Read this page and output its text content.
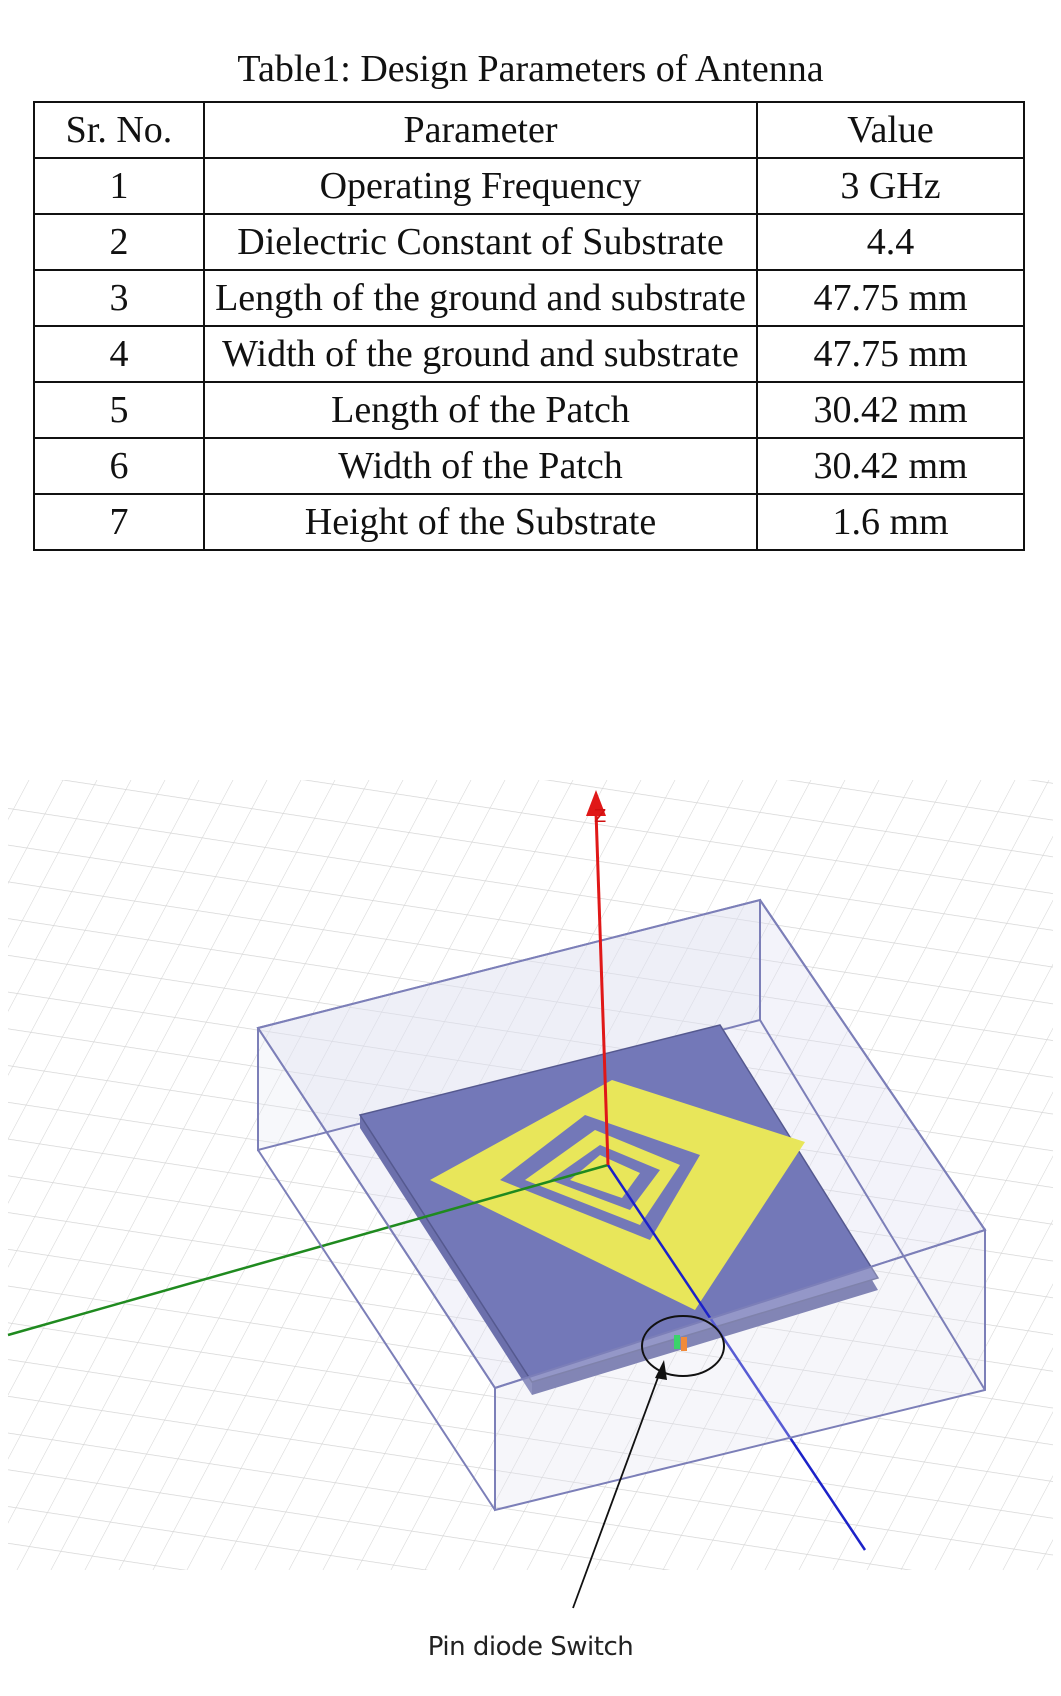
Table1: Design Parameters of Antenna
Sr. No.	Parameter	Value
1	Operating Frequency	3 GHz
2	Dielectric Constant of Substrate	4.4
3	Length of the ground and substrate	47.75 mm
4	Width of the ground and substrate	47.75 mm
5	Length of the Patch	30.42 mm
6	Width of the Patch	30.42 mm
7	Height of the Substrate	1.6 mm
Z
Pin diode Switch
